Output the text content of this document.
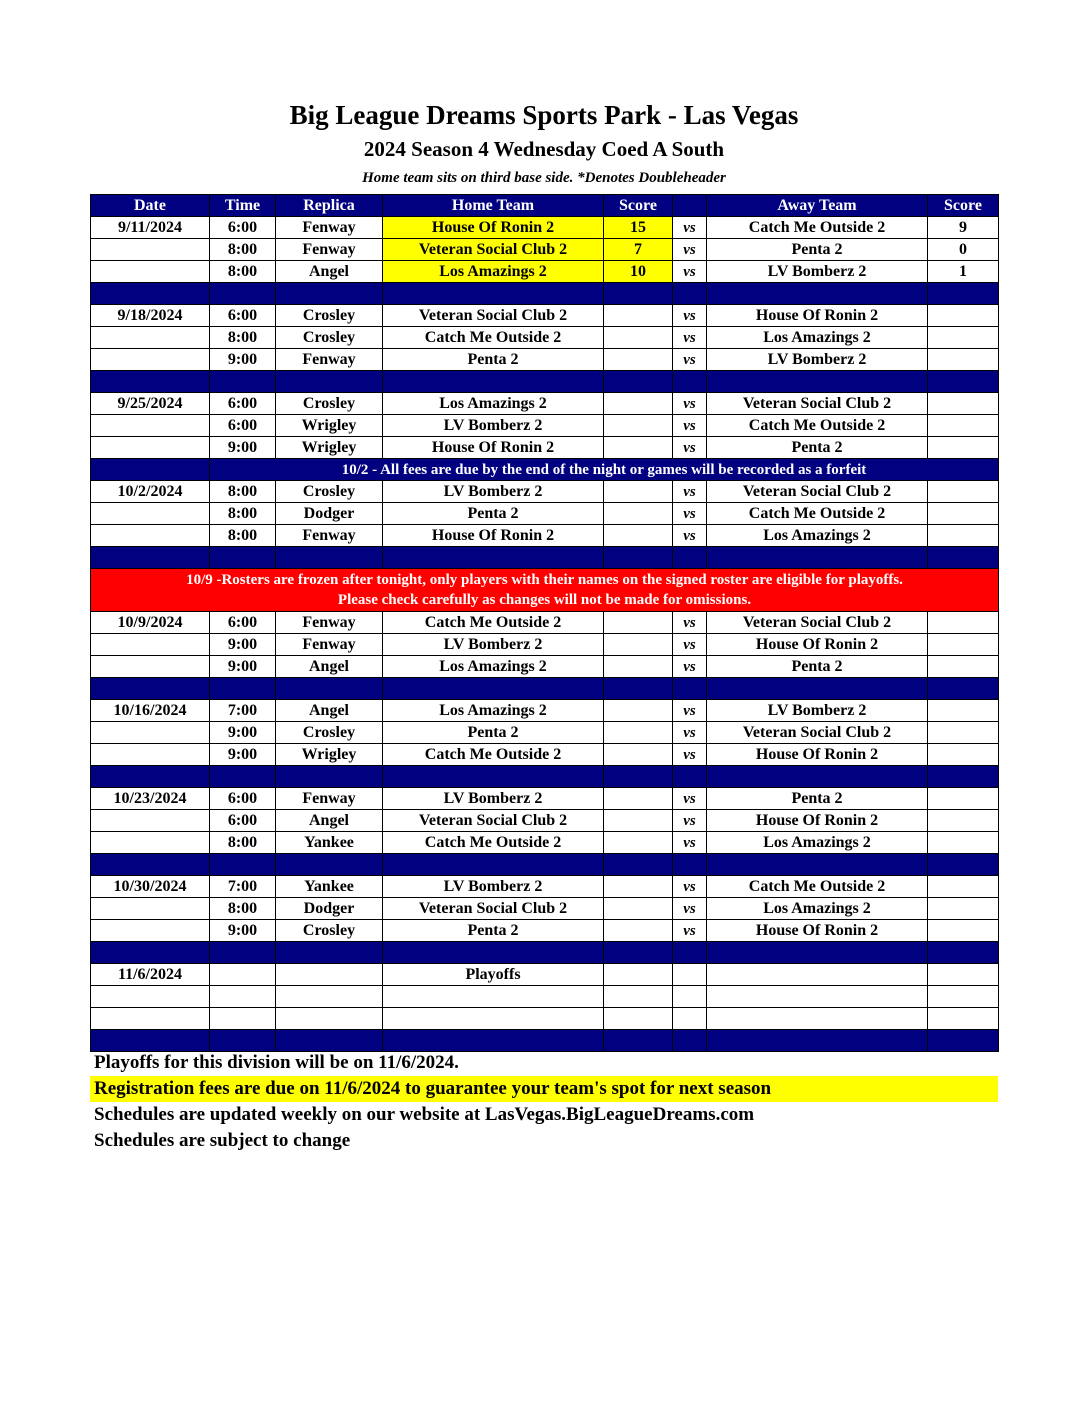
Big League Dreams Sports Park - Las Vegas
2024 Season 4 Wednesday Coed A South
Home team sits on third base side. *Denotes Doubleheader
Date	Time	Replica	Home Team	Score		Away Team	Score
9/11/2024	6:00	Fenway	House Of Ronin 2	15	vs	Catch Me Outside 2	9
	8:00	Fenway	Veteran Social Club 2	7	vs	Penta 2	0
	8:00	Angel	Los Amazings 2	10	vs	LV Bomberz 2	1

9/18/2024	6:00	Crosley	Veteran Social Club 2		vs	House Of Ronin 2	
	8:00	Crosley	Catch Me Outside 2		vs	Los Amazings 2	
	9:00	Fenway	Penta 2		vs	LV Bomberz 2	

9/25/2024	6:00	Crosley	Los Amazings 2		vs	Veteran Social Club 2	
	6:00	Wrigley	LV Bomberz 2		vs	Catch Me Outside 2	
	9:00	Wrigley	House Of Ronin 2		vs	Penta 2	
	10/2 - All fees are due by the end of the night or games will be recorded as a forfeit						
10/2/2024	8:00	Crosley	LV Bomberz 2		vs	Veteran Social Club 2	
	8:00	Dodger	Penta 2		vs	Catch Me Outside 2	
	8:00	Fenway	House Of Ronin 2		vs	Los Amazings 2	

10/9 -Rosters are frozen after tonight, only players with their names on the signed roster are eligible for playoffs.
Please check carefully as changes will not be made for omissions.							

10/9/2024	6:00	Fenway	Catch Me Outside 2		vs	Veteran Social Club 2	
	9:00	Fenway	LV Bomberz 2		vs	House Of Ronin 2	
	9:00	Angel	Los Amazings 2		vs	Penta 2	

10/16/2024	7:00	Angel	Los Amazings 2		vs	LV Bomberz 2	
	9:00	Crosley	Penta 2		vs	Veteran Social Club 2	
	9:00	Wrigley	Catch Me Outside 2		vs	House Of Ronin 2	

10/23/2024	6:00	Fenway	LV Bomberz 2		vs	Penta 2	
	6:00	Angel	Veteran Social Club 2		vs	House Of Ronin 2	
	8:00	Yankee	Catch Me Outside 2		vs	Los Amazings 2	

10/30/2024	7:00	Yankee	LV Bomberz 2		vs	Catch Me Outside 2	
	8:00	Dodger	Veteran Social Club 2		vs	Los Amazings 2	
	9:00	Crosley	Penta 2		vs	House Of Ronin 2	

11/6/2024			Playoffs				

Playoffs for this division will be on 11/6/2024.
Registration fees are due on 11/6/2024 to guarantee your team's spot for next season
Schedules are updated weekly on our website at LasVegas.BigLeagueDreams.com
Schedules are subject to change
